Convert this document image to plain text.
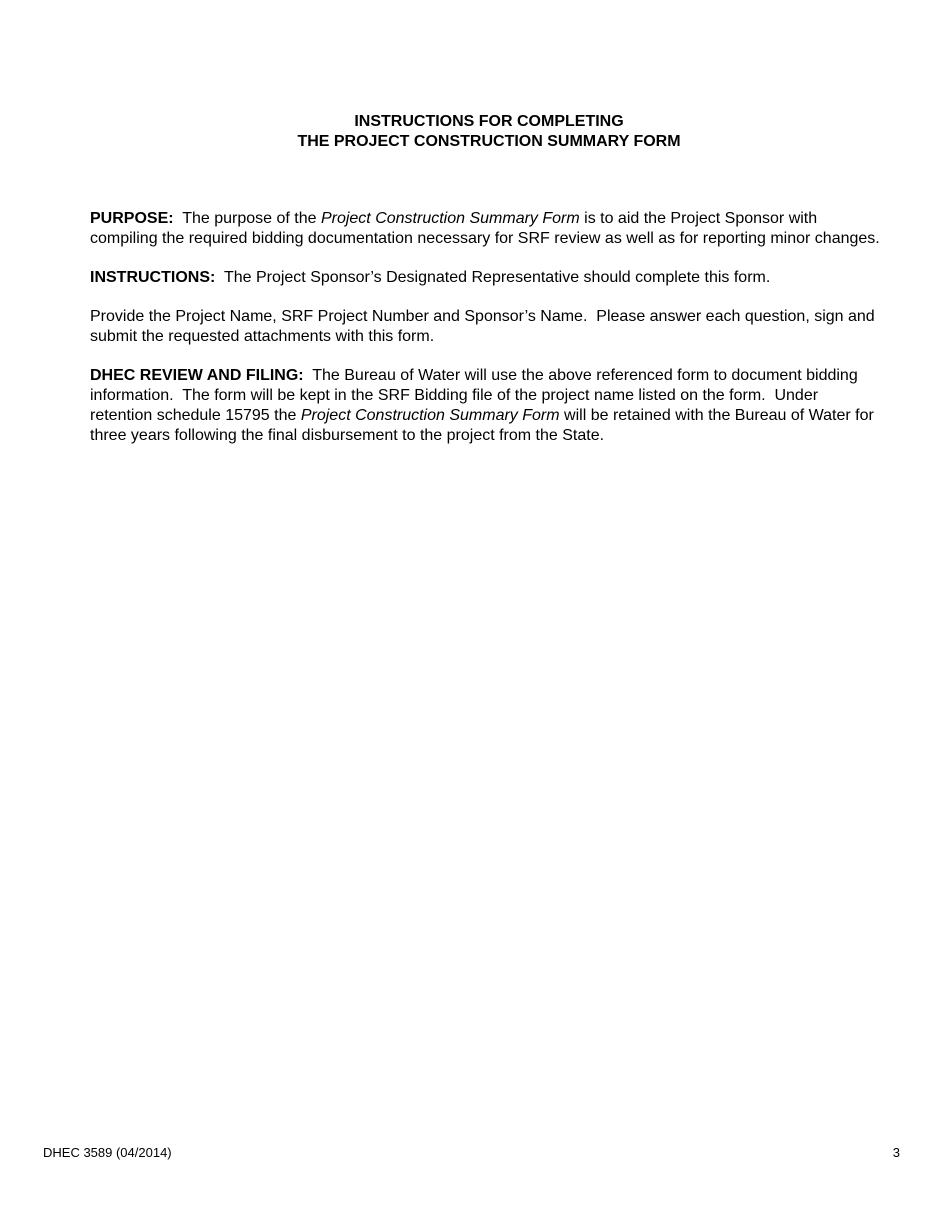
INSTRUCTIONS FOR COMPLETING
THE PROJECT CONSTRUCTION SUMMARY FORM

PURPOSE: The purpose of the Project Construction Summary Form is to aid the Project Sponsor with compiling the required bidding documentation necessary for SRF review as well as for reporting minor changes.

INSTRUCTIONS: The Project Sponsor’s Designated Representative should complete this form.

Provide the Project Name, SRF Project Number and Sponsor’s Name.  Please answer each question, sign and submit the requested attachments with this form.

DHEC REVIEW AND FILING: The Bureau of Water will use the above referenced form to document bidding information.  The form will be kept in the SRF Bidding file of the project name listed on the form.  Under retention schedule 15795 the Project Construction Summary Form will be retained with the Bureau of Water for three years following the final disbursement to the project from the State.

DHEC 3589 (04/2014)	3
